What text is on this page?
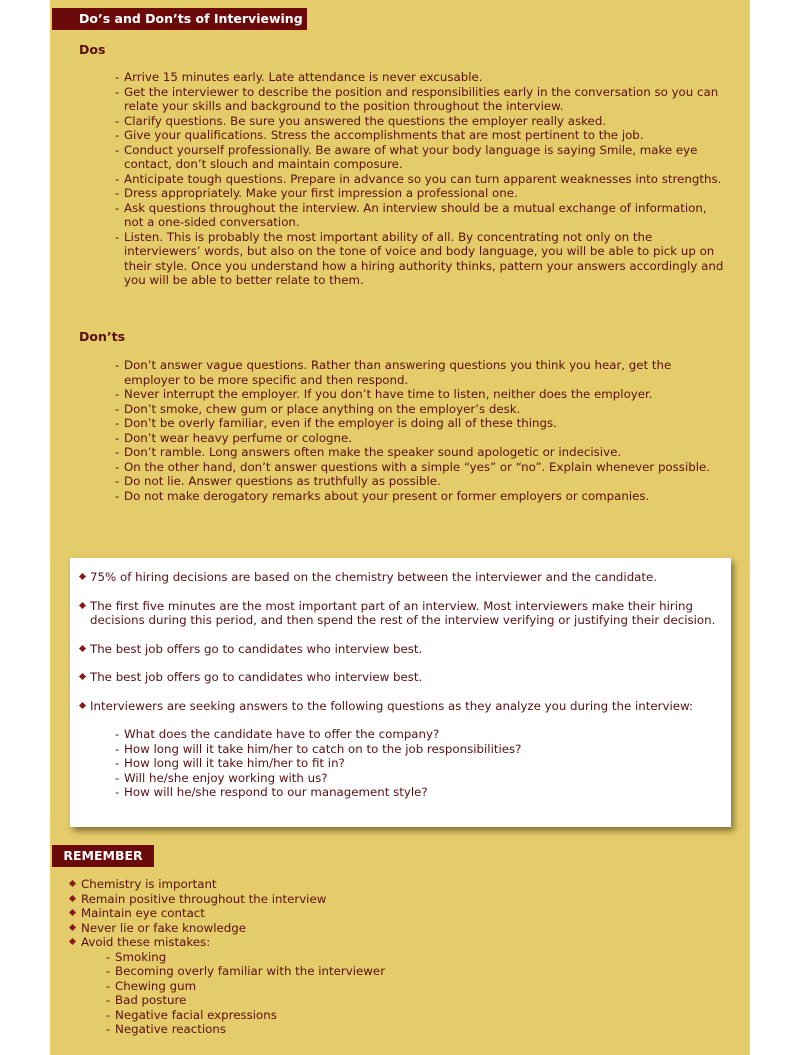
Do’s and Don’ts of Interviewing
Dos
- Arrive 15 minutes early. Late attendance is never excusable.
- Get the interviewer to describe the position and responsibilities early in the conversation so you can relate your skills and background to the position throughout the interview.
- Clarify questions. Be sure you answered the questions the employer really asked.
- Give your qualifications. Stress the accomplishments that are most pertinent to the job.
- Conduct yourself professionally. Be aware of what your body language is saying Smile, make eye contact, don’t slouch and maintain composure.
- Anticipate tough questions. Prepare in advance so you can turn apparent weaknesses into strengths.
- Dress appropriately. Make your first impression a professional one.
- Ask questions throughout the interview. An interview should be a mutual exchange of information, not a one-sided conversation.
- Listen. This is probably the most important ability of all. By concentrating not only on the interviewers’ words, but also on the tone of voice and body language, you will be able to pick up on their style. Once you understand how a hiring authority thinks, pattern your answers accordingly and you will be able to better relate to them.
Don’ts
- Don’t answer vague questions. Rather than answering questions you think you hear, get the employer to be more specific and then respond.
- Never interrupt the employer. If you don’t have time to listen, neither does the employer.
- Don’t smoke, chew gum or place anything on the employer’s desk.
- Don’t be overly familiar, even if the employer is doing all of these things.
- Don’t wear heavy perfume or cologne.
- Don’t ramble. Long answers often make the speaker sound apologetic or indecisive.
- On the other hand, don’t answer questions with a simple “yes” or “no”. Explain whenever possible.
- Do not lie. Answer questions as truthfully as possible.
- Do not make derogatory remarks about your present or former employers or companies.
75% of hiring decisions are based on the chemistry between the interviewer and the candidate.
The first five minutes are the most important part of an interview. Most interviewers make their hiring decisions during this period, and then spend the rest of the interview verifying or justifying their decision.
The best job offers go to candidates who interview best.
The best job offers go to candidates who interview best.
Interviewers are seeking answers to the following questions as they analyze you during the interview:
- What does the candidate have to offer the company?
- How long will it take him/her to catch on to the job responsibilities?
- How long will it take him/her to fit in?
- Will he/she enjoy working with us?
- How will he/she respond to our management style?
REMEMBER
Chemistry is important
Remain positive throughout the interview
Maintain eye contact
Never lie or fake knowledge
Avoid these mistakes:
- Smoking
- Becoming overly familiar with the interviewer
- Chewing gum
- Bad posture
- Negative facial expressions
- Negative reactions
